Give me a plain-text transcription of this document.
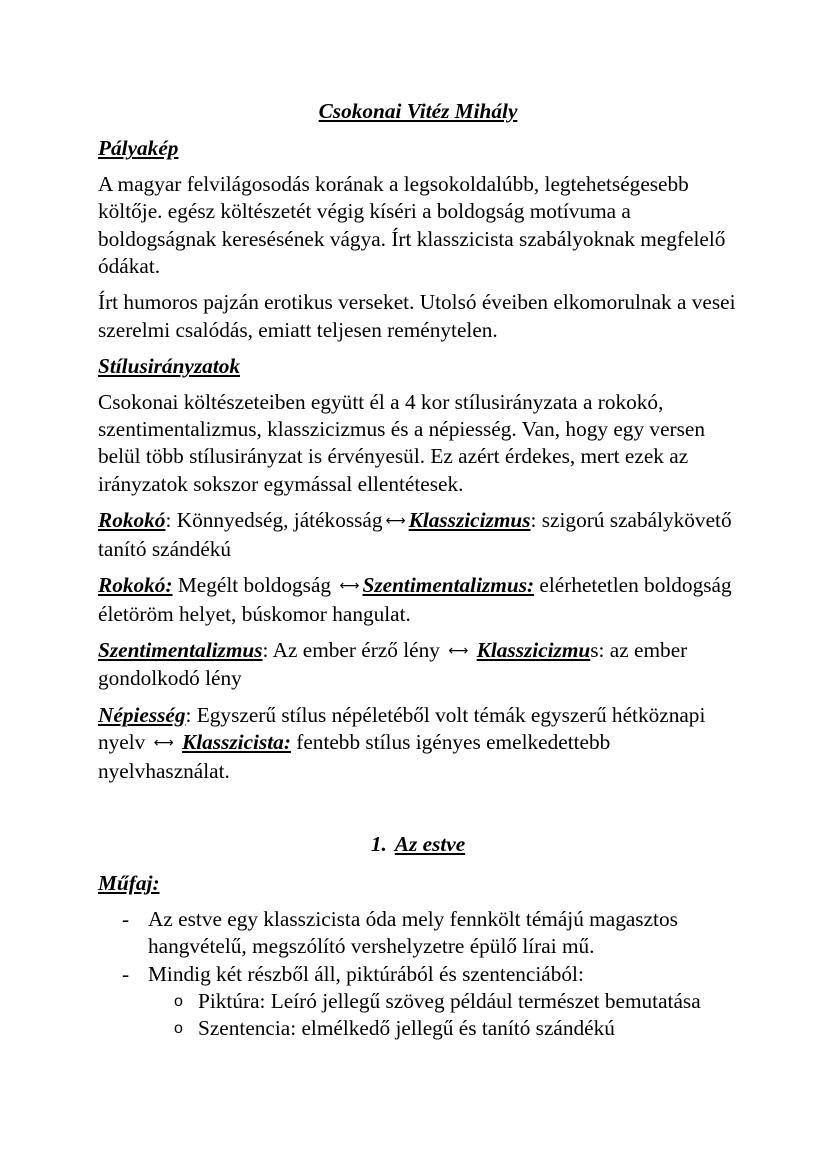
Csokonai Vitéz Mihály
Pályakép

A magyar felvilágosodás korának a legsokoldalúbb, legtehetségesebb költője. egész költészetét végig kíséri a boldogság motívuma a boldogságnak keresésének vágya. Írt klasszicista szabályoknak megfelelő ódákat.

Írt humoros pajzán erotikus verseket. Utolsó éveiben elkomorulnak a vesei szerelmi csalódás, emiatt teljesen reménytelen.

Stílusirányzatok

Csokonai költészeteiben együtt él a 4 kor stílusirányzata a rokokó, szentimentalizmus, klasszicizmus és a népiesség. Van, hogy egy versen belül több stílusirányzat is érvényesül. Ez azért érdekes, mert ezek az irányzatok sokszor egymással ellentétesek.

Rokokó: Könnyedség, játékosság ⟷ Klasszicizmus: szigorú szabálykövető tanító szándékú

Rokokó: Megélt boldogság ⟷ Szentimentalizmus: elérhetetlen boldogság életöröm helyet, búskomor hangulat.

Szentimentalizmus: Az ember érző lény ⟷ Klasszicizmus: az ember gondolkodó lény

Népiesség: Egyszerű stílus népéletéből volt témák egyszerű hétköznapi nyelv ⟷ Klasszicista: fentebb stílus igényes emelkedettebb nyelvhasználat.

1. Az estve
Műfaj:
- Az estve egy klasszicista óda mely fennkölt témájú magasztos hangvételű, megszólító vershelyzetre épülő lírai mű.
- Mindig két részből áll, piktúrából és szentenciából:
o Piktúra: Leíró jellegű szöveg például természet bemutatása
o Szentencia: elmélkedő jellegű és tanító szándékú
